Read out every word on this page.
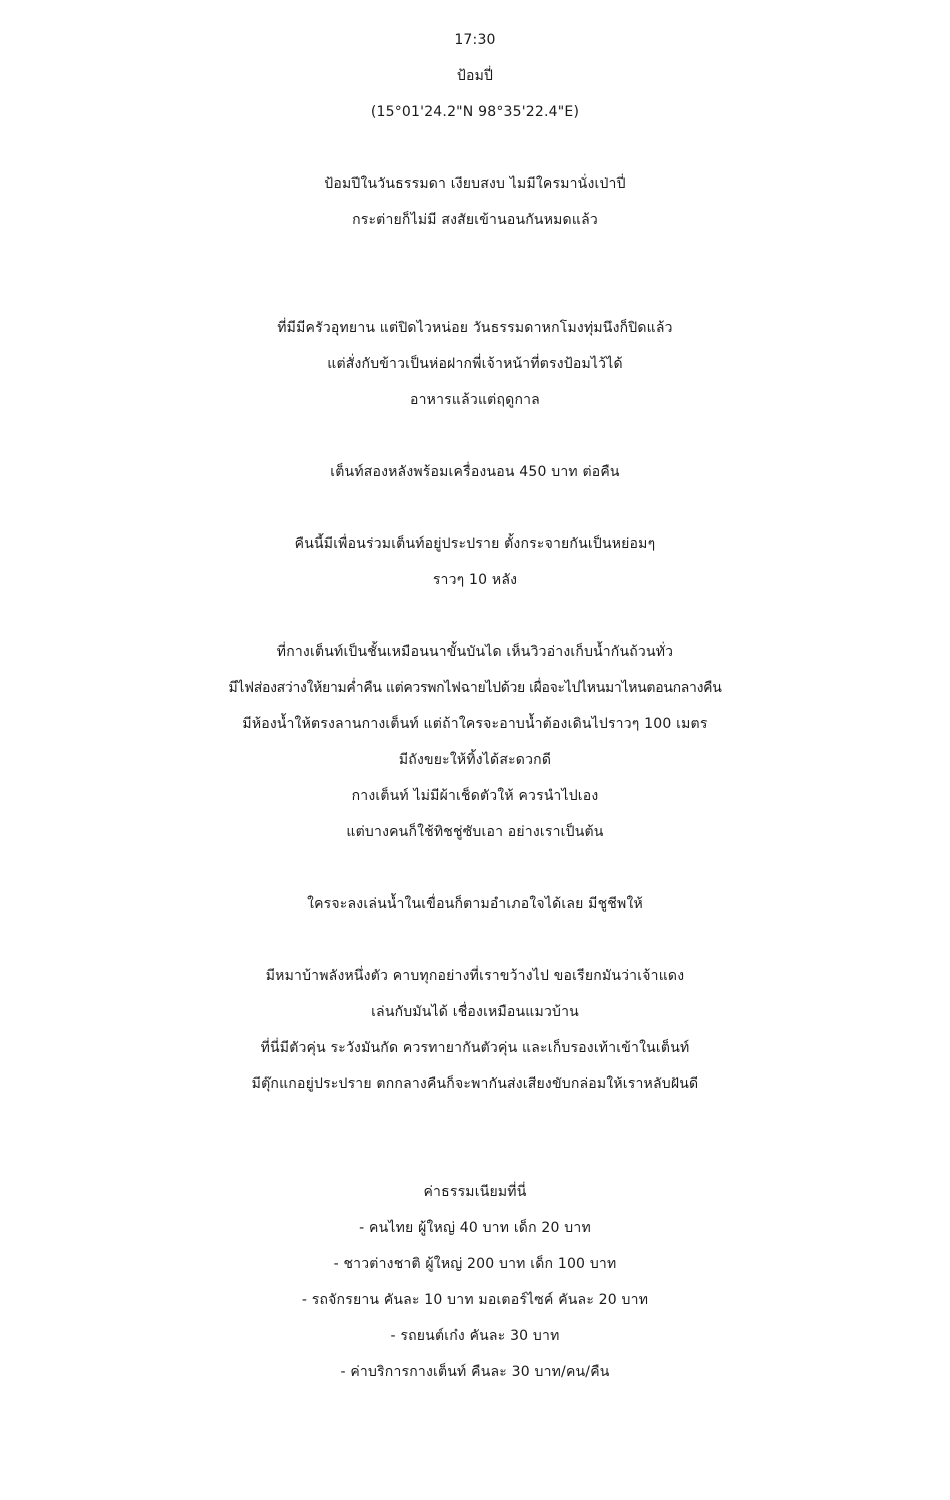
17:30
ป้อมปี่
(15°01'24.2"N 98°35'22.4"E)
ป้อมปีในวันธรรมดา เงียบสงบ ไมมีใครมานั่งเป่าปี่
กระต่ายก็ไม่มี สงสัยเข้านอนกันหมดแล้ว
ที่มีมีครัวอุทยาน แต่ปิดไวหน่อย วันธรรมดาหกโมงทุ่มนึงก็ปิดแล้ว
แต่สั่งกับข้าวเป็นห่อฝากพี่เจ้าหน้าที่ตรงป้อมไว้ได้
อาหารแล้วแต่ฤดูกาล
เต็นท์สองหลังพร้อมเครื่องนอน 450 บาท ต่อคืน
คืนนี้มีเพื่อนร่วมเต็นท์อยู่ประปราย ตั้งกระจายกันเป็นหย่อมๆ
ราวๆ 10 หลัง
ที่กางเต็นท์เป็นชั้นเหมือนนาขั้นบันได เห็นวิวอ่างเก็บน้ำกันถ้วนทั่ว
มีไฟส่องสว่างให้ยามค่ำคืน แต่ควรพกไฟฉายไปด้วย เผื่อจะไปไหนมาไหนตอนกลางคืน
มีห้องน้ำให้ตรงลานกางเต็นท์ แต่ถ้าใครจะอาบน้ำต้องเดินไปราวๆ 100 เมตร
มีถังขยะให้ทิ้งได้สะดวกดี
กางเต็นท์ ไม่มีผ้าเช็ดตัวให้ ควรนำไปเอง
แต่บางคนก็ใช้ทิชชู่ซับเอา อย่างเราเป็นต้น
ใครจะลงเล่นน้ำในเขื่อนก็ตามอำเภอใจได้เลย มีชูชีพให้
มีหมาบ้าพลังหนึ่งตัว คาบทุกอย่างที่เราขว้างไป ขอเรียกมันว่าเจ้าแดง
เล่นกับมันได้ เชื่องเหมือนแมวบ้าน
ที่นี่มีตัวคุ่น ระวังมันกัด ควรทายากันตัวคุ่น และเก็บรองเท้าเข้าในเต็นท์
มีตุ๊กแกอยู่ประปราย ตกกลางคืนก็จะพากันส่งเสียงขับกล่อมให้เราหลับฝันดี
ค่าธรรมเนียมที่นี่
- คนไทย ผู้ใหญ่ 40 บาท เด็ก 20 บาท
- ชาวต่างชาติ ผู้ใหญ่ 200 บาท เด็ก 100 บาท
- รถจักรยาน คันละ 10 บาท มอเตอร์ไซค์ คันละ 20 บาท
- รถยนต์เก๋ง คันละ 30 บาท
- ค่าบริการกางเต็นท์ คืนละ 30 บาท/คน/คืน
